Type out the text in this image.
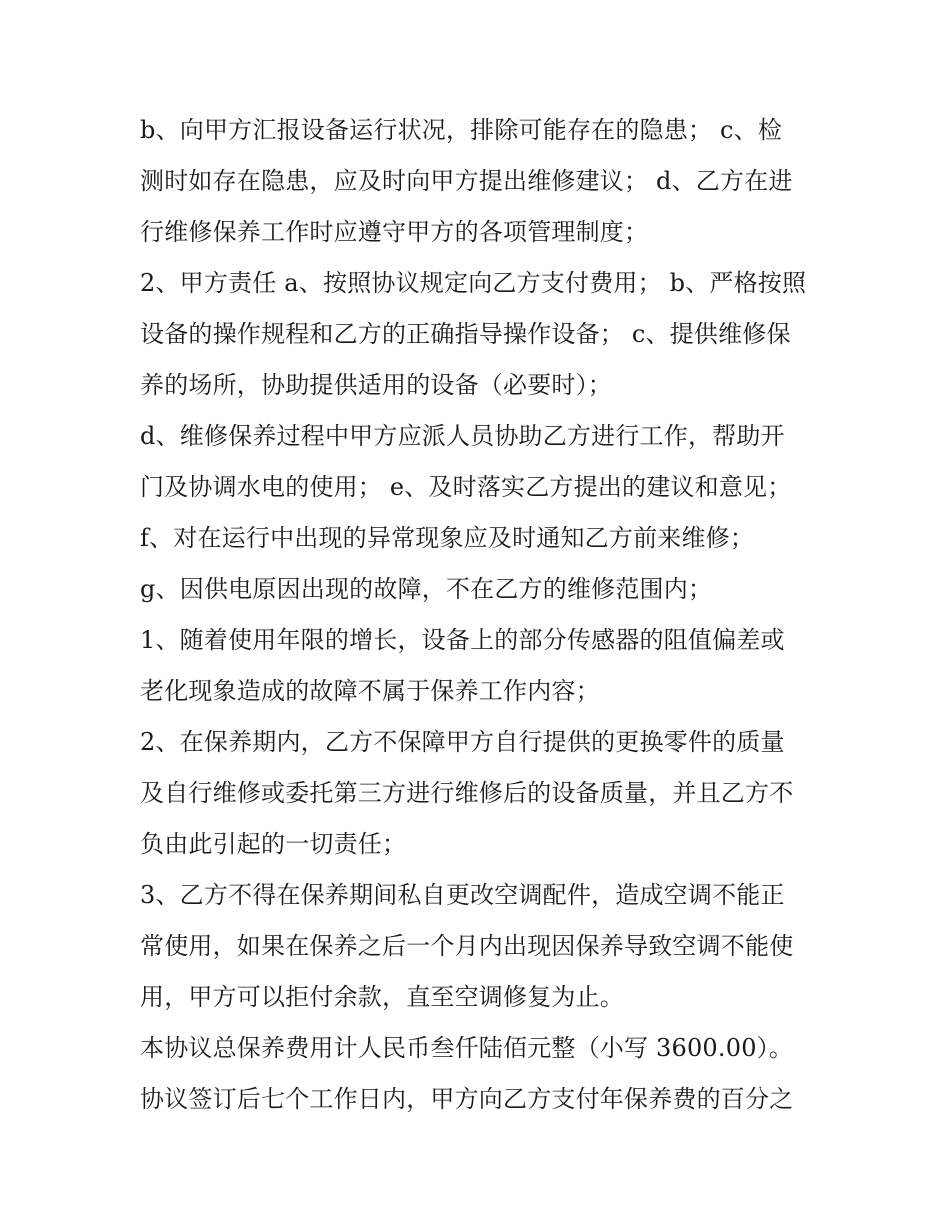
b、向甲方汇报设备运行状况，排除可能存在的隐患； c、检
测时如存在隐患，应及时向甲方提出维修建议； d、乙方在进
行维修保养工作时应遵守甲方的各项管理制度；
2、甲方责任 a、按照协议规定向乙方支付费用； b、严格按照
设备的操作规程和乙方的正确指导操作设备； c、提供维修保
养的场所，协助提供适用的设备（必要时）；
d、维修保养过程中甲方应派人员协助乙方进行工作，帮助开
门及协调水电的使用； e、及时落实乙方提出的建议和意见；
f、对在运行中出现的异常现象应及时通知乙方前来维修；
g、因供电原因出现的故障，不在乙方的维修范围内；
1、随着使用年限的增长，设备上的部分传感器的阻值偏差或
老化现象造成的故障不属于保养工作内容；
2、在保养期内，乙方不保障甲方自行提供的更换零件的质量
及自行维修或委托第三方进行维修后的设备质量，并且乙方不
负由此引起的一切责任；
3、乙方不得在保养期间私自更改空调配件，造成空调不能正
常使用，如果在保养之后一个月内出现因保养导致空调不能使
用，甲方可以拒付余款，直至空调修复为止。
本协议总保养费用计人民币叁仟陆佰元整（小写 3600.00）。
协议签订后七个工作日内，甲方向乙方支付年保养费的百分之
